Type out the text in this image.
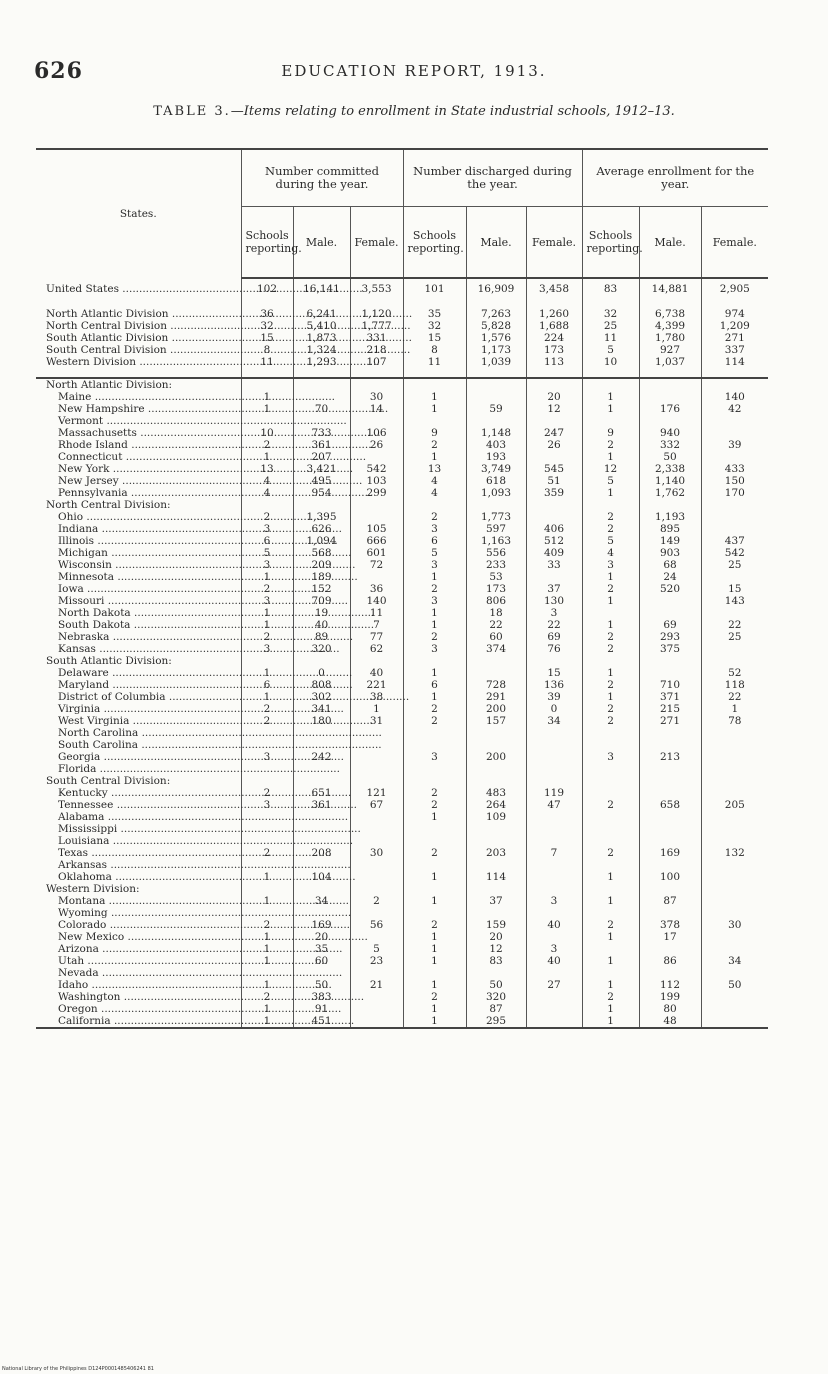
626	EDUCATION REPORT, 1913.
TABLE 3.—Items relating to enrollment in State industrial schools, 1912–13.
States.	Number committed during the year.			Number discharged during the year.			Average enrollment for the year.		
	Schools reporting.	Male.	Female.	Schools reporting.	Male.	Female.	Schools reporting.	Male.	Female.
United States .....	102	16,141	3,553	101	16,909	3,458	83	14,881	2,905

North Atlantic Division .....	36	6,241	1,120	35	7,263	1,260	32	6,738	974
North Central Division .....	32	5,410	1,777	32	5,828	1,688	25	4,399	1,209
South Atlantic Division .....	15	1,873	331	15	1,576	224	11	1,780	271
South Central Division .....	8	1,324	218	8	1,173	173	5	927	337
Western Division .....	11	1,293	107	11	1,039	113	10	1,037	114

North Atlantic Division:									
Maine .....	1		30	1		20	1		140
New Hampshire .....	1	70	14	1	59	12	1	176	42
Vermont .....									
Massachusetts .....	10	733	106	9	1,148	247	9	940	
Rhode Island .....	2	361	26	2	403	26	2	332	39
Connecticut .....	1	207		1	193		1	50	
New York .....	13	3,421	542	13	3,749	545	12	2,338	433
New Jersey .....	4	495	103	4	618	51	5	1,140	150
Pennsylvania .....	4	954	299	4	1,093	359	1	1,762	170
North Central Division:									
Ohio .....	2	1,395		2	1,773		2	1,193	
Indiana .....	3	626	105	3	597	406	2	895	
Illinois .....	6	1,094	666	6	1,163	512	5	149	437
Michigan .....	5	568	601	5	556	409	4	903	542
Wisconsin .....	3	209	72	3	233	33	3	68	25
Minnesota .....	1	189		1	53		1	24	
Iowa .....	2	152	36	2	173	37	2	520	15
Missouri .....	3	709	140	3	806	130	1		143
North Dakota .....	1	19	11	1	18	3			
South Dakota .....	1	40	7	1	22	22	1	69	22
Nebraska .....	2	89	77	2	60	69	2	293	25
Kansas .....	3	320	62	3	374	76	2	375	
South Atlantic Division:									
Delaware .....	1	0	40	1		15	1		52
Maryland .....	6	808	221	6	728	136	2	710	118
District of Columbia .....	1	302	38	1	291	39	1	371	22
Virginia .....	2	341	1	2	200	0	2	215	1
West Virginia .....	2	180	31	2	157	34	2	271	78
North Carolina .....									
South Carolina .....									
Georgia .....	3	242		3	200		3	213	
Florida .....									
South Central Division:									
Kentucky .....	2	651	121	2	483	119			
Tennessee .....	3	361	67	2	264	47	2	658	205
Alabama .....				1	109				
Mississippi .....									
Louisiana .....									
Texas .....	2	208	30	2	203	7	2	169	132
Arkansas .....									
Oklahoma .....	1	104		1	114		1	100	
Western Division:									
Montana .....	1	34	2	1	37	3	1	87	
Wyoming .....									
Colorado .....	2	169	56	2	159	40	2	378	30
New Mexico .....	1	20		1	20		1	17	
Arizona .....	1	35	5	1	12	3			
Utah .....	1	60	23	1	83	40	1	86	34
Nevada .....									
Idaho .....	1	50	21	1	50	27	1	112	50
Washington .....	2	383		2	320		2	199	
Oregon .....	1	91		1	87		1	80	
California .....	1	451		1	295		1	48	
National Library of the Philippines D124P0001485406241 81
